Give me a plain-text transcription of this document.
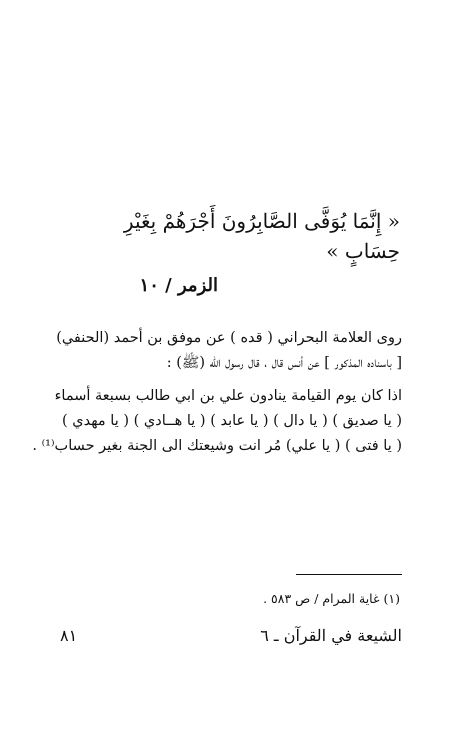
« إِنَّمَا يُوَفَّى الصَّابِرُونَ أَجْرَهُمْ بِغَيْرِ
حِسَابٍ »
الزمر / ١٠
روى العلامة البحراني ( قده ) عن موفق بن أحمد (الحنفي)
[ باسناده المذكور ] عن أنس قال ، قال رسول الله (ﷺ) :
اذا كان يوم القيامة ينادون علي بن ابي طالب بسبعة أسماء
( يا صديق ) ( يا دال ) ( يا عابد ) ( يا هــادي ) ( يا مهدي )
( يا فتى ) ( يا علي) مُر انت وشيعتك الى الجنة بغير حساب⁽¹⁾ .
(١) غاية المرام / ص ٥٨٣ .
الشيعة في القرآن ـ ٦
٨١
